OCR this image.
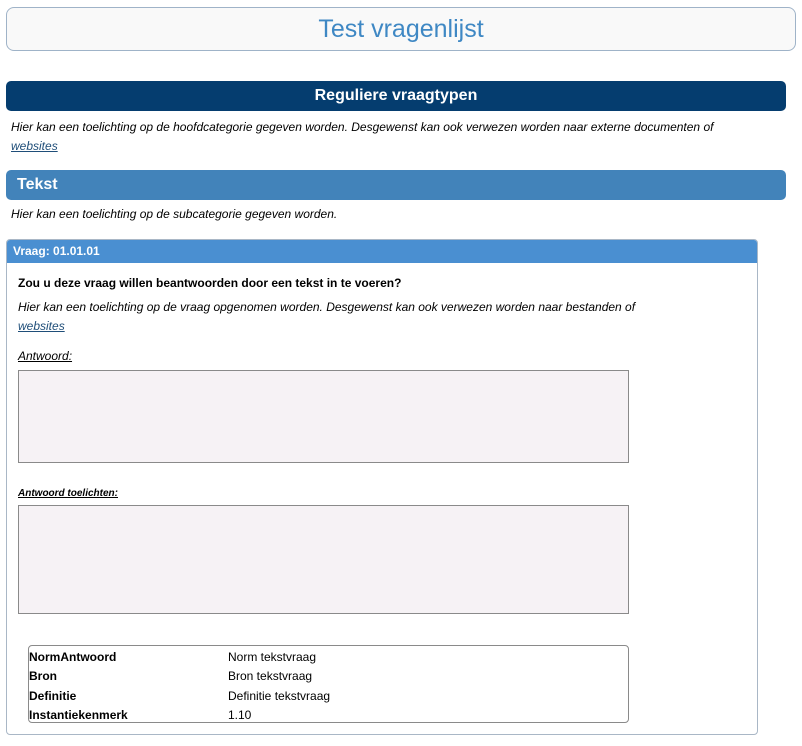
Test vragenlijst
Reguliere vraagtypen
Hier kan een toelichting op de hoofdcategorie gegeven worden. Desgewenst kan ook verwezen worden naar externe documenten of
websites
Tekst
Hier kan een toelichting op de subcategorie gegeven worden.
Vraag: 01.01.01
Zou u deze vraag willen beantwoorden door een tekst in te voeren?
Hier kan een toelichting op de vraag opgenomen worden. Desgewenst kan ook verwezen worden naar bestanden of
websites
Antwoord:
Antwoord toelichten:
NormAntwoord	Norm tekstvraag
Bron	Bron tekstvraag
Definitie	Definitie tekstvraag
Instantiekenmerk	1.10
